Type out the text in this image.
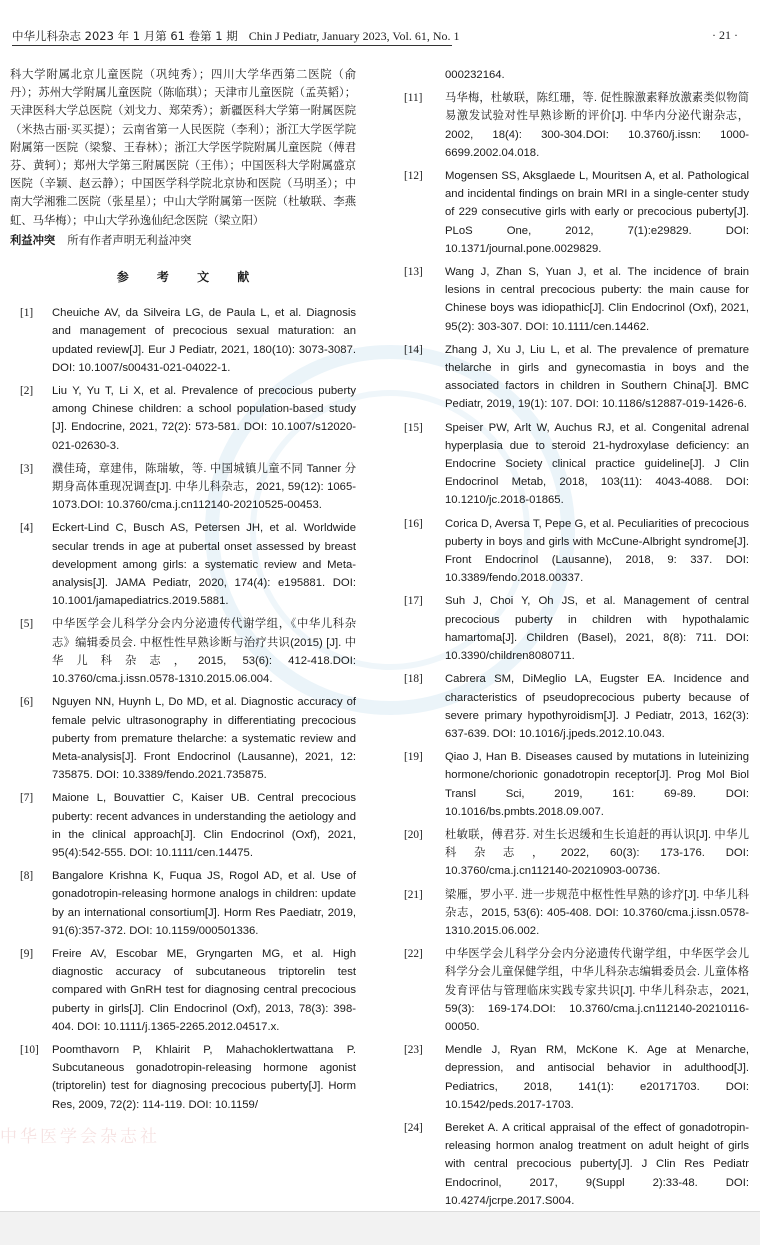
中华儿科杂志 2023 年 1 月第 61 卷第 1 期 Chin J Pediatr, January 2023, Vol. 61, No. 1	· 21 ·

科大学附属北京儿童医院（巩纯秀）；四川大学华西第二医院（俞丹）；苏州大学附属儿童医院（陈临琪）；天津市儿童医院（孟英韬）；天津医科大学总医院（刘戈力、郑荣秀）；新疆医科大学第一附属医院（米热古丽·买买提）；云南省第一人民医院（李利）；浙江大学医学院附属第一医院（梁黎、王春林）；浙江大学医学院附属儿童医院（傅君芬、黄轲）；郑州大学第三附属医院（王伟）；中国医科大学附属盛京医院（辛颖、赵云静）；中国医学科学院北京协和医院（马明圣）；中南大学湘雅二医院（张星星）；中山大学附属第一医院（杜敏联、李燕虹、马华梅）；中山大学孙逸仙纪念医院（梁立阳）

利益冲突 所有作者声明无利益冲突
参 考 文 献
[1] Cheuiche AV, da Silveira LG, de Paula L, et al. Diagnosis and management of precocious sexual maturation: an updated review[J]. Eur J Pediatr, 2021, 180(10): 3073-3087. DOI: 10.1007/s00431-021-04022-1.
[2] Liu Y, Yu T, Li X, et al. Prevalence of precocious puberty among Chinese children: a school population-based study [J]. Endocrine, 2021, 72(2): 573-581. DOI: 10.1007/s12020-021-02630-3.
[3] 濮佳琦，章建伟，陈瑞敏，等. 中国城镇儿童不同 Tanner 分期身高体重现况调查[J]. 中华儿科杂志，2021, 59(12): 1065-1073.DOI: 10.3760/cma.j.cn112140-20210525-00453.
[4] Eckert-Lind C, Busch AS, Petersen JH, et al. Worldwide secular trends in age at pubertal onset assessed by breast development among girls: a systematic review and Meta-analysis[J]. JAMA Pediatr, 2020, 174(4): e195881. DOI: 10.1001/jamapediatrics.2019.5881.
[5] 中华医学会儿科学分会内分泌遗传代谢学组，《中华儿科杂志》编辑委员会. 中枢性性早熟诊断与治疗共识(2015) [J]. 中华儿科杂志，2015, 53(6): 412-418.DOI: 10.3760/cma.j.issn.0578-1310.2015.06.004.
[6] Nguyen NN, Huynh L, Do MD, et al. Diagnostic accuracy of female pelvic ultrasonography in differentiating precocious puberty from premature thelarche: a systematic review and Meta-analysis[J]. Front Endocrinol (Lausanne), 2021, 12: 735875. DOI: 10.3389/fendo.2021.735875.
[7] Maione L, Bouvattier C, Kaiser UB. Central precocious puberty: recent advances in understanding the aetiology and in the clinical approach[J]. Clin Endocrinol (Oxf), 2021, 95(4):542-555. DOI: 10.1111/cen.14475.
[8] Bangalore Krishna K, Fuqua JS, Rogol AD, et al. Use of gonadotropin-releasing hormone analogs in children: update by an international consortium[J]. Horm Res Paediatr, 2019, 91(6):357-372. DOI: 10.1159/000501336.
[9] Freire AV, Escobar ME, Gryngarten MG, et al. High diagnostic accuracy of subcutaneous triptorelin test compared with GnRH test for diagnosing central precocious puberty in girls[J]. Clin Endocrinol (Oxf), 2013, 78(3): 398-404. DOI: 10.1111/j.1365-2265.2012.04517.x.
[10] Poomthavorn P, Khlairit P, Mahachoklertwattana P. Subcutaneous gonadotropin-releasing hormone agonist (triptorelin) test for diagnosing precocious puberty[J]. Horm Res, 2009, 72(2): 114-119. DOI: 10.1159/
000232164.
[11] 马华梅，杜敏联，陈红珊，等. 促性腺激素释放激素类似物简易激发试验对性早熟诊断的评价[J]. 中华内分泌代谢杂志，2002, 18(4): 300-304.DOI: 10.3760/j.issn: 1000-6699.2002.04.018.
[12] Mogensen SS, Aksglaede L, Mouritsen A, et al. Pathological and incidental findings on brain MRI in a single-center study of 229 consecutive girls with early or precocious puberty[J]. PLoS One, 2012, 7(1):e29829. DOI: 10.1371/journal.pone.0029829.
[13] Wang J, Zhan S, Yuan J, et al. The incidence of brain lesions in central precocious puberty: the main cause for Chinese boys was idiopathic[J]. Clin Endocrinol (Oxf), 2021, 95(2): 303-307. DOI: 10.1111/cen.14462.
[14] Zhang J, Xu J, Liu L, et al. The prevalence of premature thelarche in girls and gynecomastia in boys and the associated factors in children in Southern China[J]. BMC Pediatr, 2019, 19(1): 107. DOI: 10.1186/s12887-019-1426-6.
[15] Speiser PW, Arlt W, Auchus RJ, et al. Congenital adrenal hyperplasia due to steroid 21-hydroxylase deficiency: an Endocrine Society clinical practice guideline[J]. J Clin Endocrinol Metab, 2018, 103(11): 4043-4088. DOI: 10.1210/jc.2018-01865.
[16] Corica D, Aversa T, Pepe G, et al. Peculiarities of precocious puberty in boys and girls with McCune-Albright syndrome[J]. Front Endocrinol (Lausanne), 2018, 9: 337. DOI: 10.3389/fendo.2018.00337.
[17] Suh J, Choi Y, Oh JS, et al. Management of central precocious puberty in children with hypothalamic hamartoma[J]. Children (Basel), 2021, 8(8): 711. DOI: 10.3390/children8080711.
[18] Cabrera SM, DiMeglio LA, Eugster EA. Incidence and characteristics of pseudoprecocious puberty because of severe primary hypothyroidism[J]. J Pediatr, 2013, 162(3): 637-639. DOI: 10.1016/j.jpeds.2012.10.043.
[19] Qiao J, Han B. Diseases caused by mutations in luteinizing hormone/chorionic gonadotropin receptor[J]. Prog Mol Biol Transl Sci, 2019, 161: 69-89. DOI: 10.1016/bs.pmbts.2018.09.007.
[20] 杜敏联，傅君芬. 对生长迟缓和生长追赶的再认识[J]. 中华儿科杂志，2022, 60(3): 173-176. DOI: 10.3760/cma.j.cn112140-20210903-00736.
[21] 梁雁，罗小平. 进一步规范中枢性性早熟的诊疗[J]. 中华儿科杂志，2015, 53(6): 405-408. DOI: 10.3760/cma.j.issn.0578-1310.2015.06.002.
[22] 中华医学会儿科学分会内分泌遗传代谢学组，中华医学会儿科学分会儿童保健学组，中华儿科杂志编辑委员会. 儿童体格发育评估与管理临床实践专家共识[J]. 中华儿科杂志，2021, 59(3): 169-174.DOI: 10.3760/cma.j.cn112140-20210116-00050.
[23] Mendle J, Ryan RM, McKone K. Age at Menarche, depression, and antisocial behavior in adulthood[J]. Pediatrics, 2018, 141(1): e20171703. DOI: 10.1542/peds.2017-1703.
[24] Bereket A. A critical appraisal of the effect of gonadotropin-releasing hormon analog treatment on adult height of girls with central precocious puberty[J]. J Clin Res Pediatr Endocrinol, 2017, 9(Suppl 2):33-48. DOI: 10.4274/jcrpe.2017.S004.
中华医学会杂志社
